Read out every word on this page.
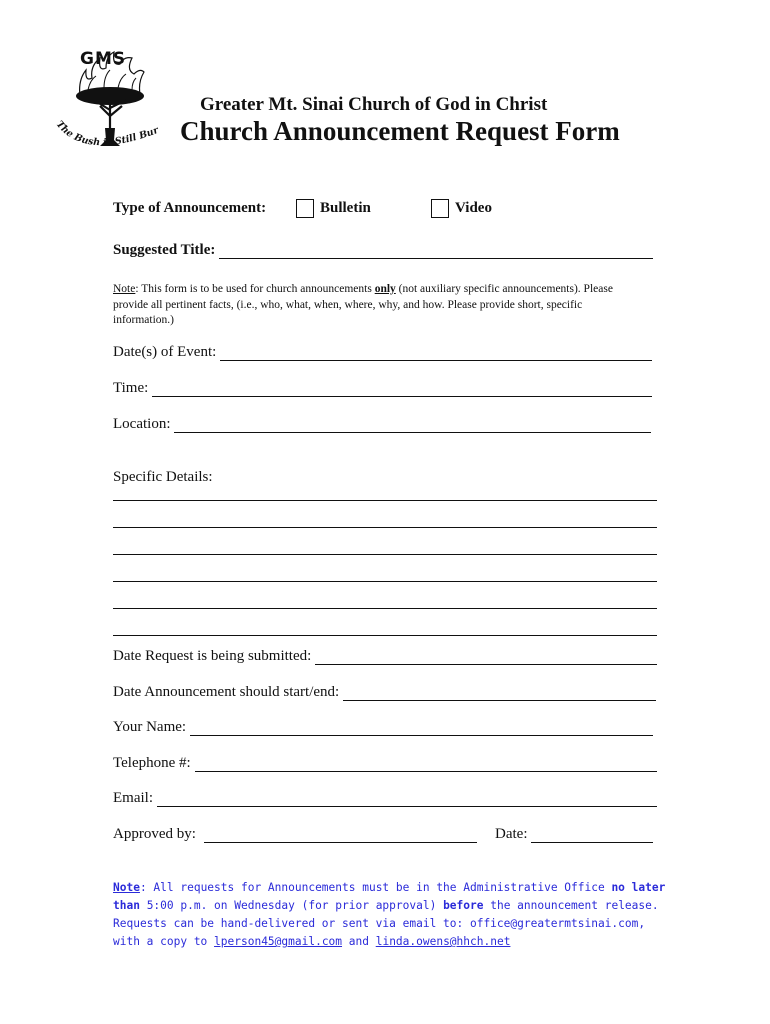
The Bush is Still Bur
GMS
Greater Mt. Sinai Church of God in Christ
Church Announcement Request Form
Type of Announcement:	Bulletin	Video
Suggested Title:
Note: This form is to be used for church announcements only (not auxiliary specific announcements). Please provide all pertinent facts, (i.e., who, what, when, where, why, and how. Please provide short, specific information.)
Date(s) of Event:
Time:
Location:
Specific Details:
Date Request is being submitted:
Date Announcement should start/end:
Your Name:
Telephone #:
Email:
Approved by:	Date:
Note: All requests for Announcements must be in the Administrative Office no later than 5:00 p.m. on Wednesday (for prior approval) before the announcement release. Requests can be hand-delivered or sent via email to: office@greatermtsinai.com, with a copy to lperson45@gmail.com and linda.owens@hhch.net
